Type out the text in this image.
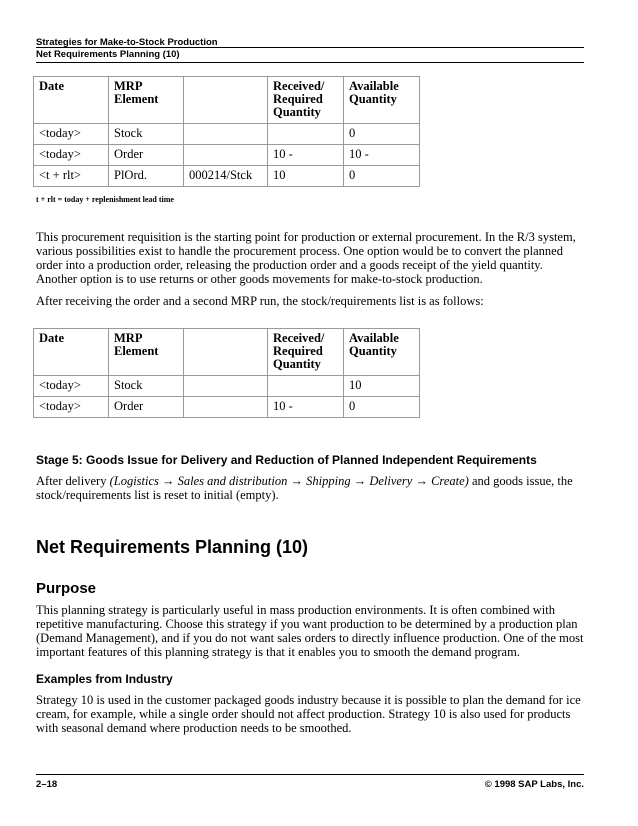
Strategies for Make-to-Stock Production
Net Requirements Planning (10)
Date	MRP Element		Received/ Required Quantity	Available Quantity
<today>	Stock			0
<today>	Order		10 -	10 -
<t + rlt>	PlOrd.	000214/Stck	10	0
t + rlt = today + replenishment lead time

This procurement requisition is the starting point for production or external procurement. In the R/3 system, various possibilities exist to handle the procurement process. One option would be to convert the planned order into a production order, releasing the production order and a goods receipt of the yield quantity. Another option is to use returns or other goods movements for make-to-stock production.

After receiving the order and a second MRP run, the stock/requirements list is as follows:

Date	MRP Element		Received/ Required Quantity	Available Quantity
<today>	Stock			10
<today>	Order		10 -	0
Stage 5: Goods Issue for Delivery and Reduction of Planned Independent Requirements

After delivery (Logistics → Sales and distribution → Shipping → Delivery → Create) and goods issue, the stock/requirements list is reset to initial (empty).

Net Requirements Planning (10)
Purpose

This planning strategy is particularly useful in mass production environments. It is often combined with repetitive manufacturing. Choose this strategy if you want production to be determined by a production plan (Demand Management), and if you do not want sales orders to directly influence production. One of the most important features of this planning strategy is that it enables you to smooth the demand program.

Examples from Industry

Strategy 10 is used in the customer packaged goods industry because it is possible to plan the demand for ice cream, for example, while a single order should not affect production. Strategy 10 is also used for products with seasonal demand where production needs to be smoothed.

2–18	© 1998 SAP Labs, Inc.
